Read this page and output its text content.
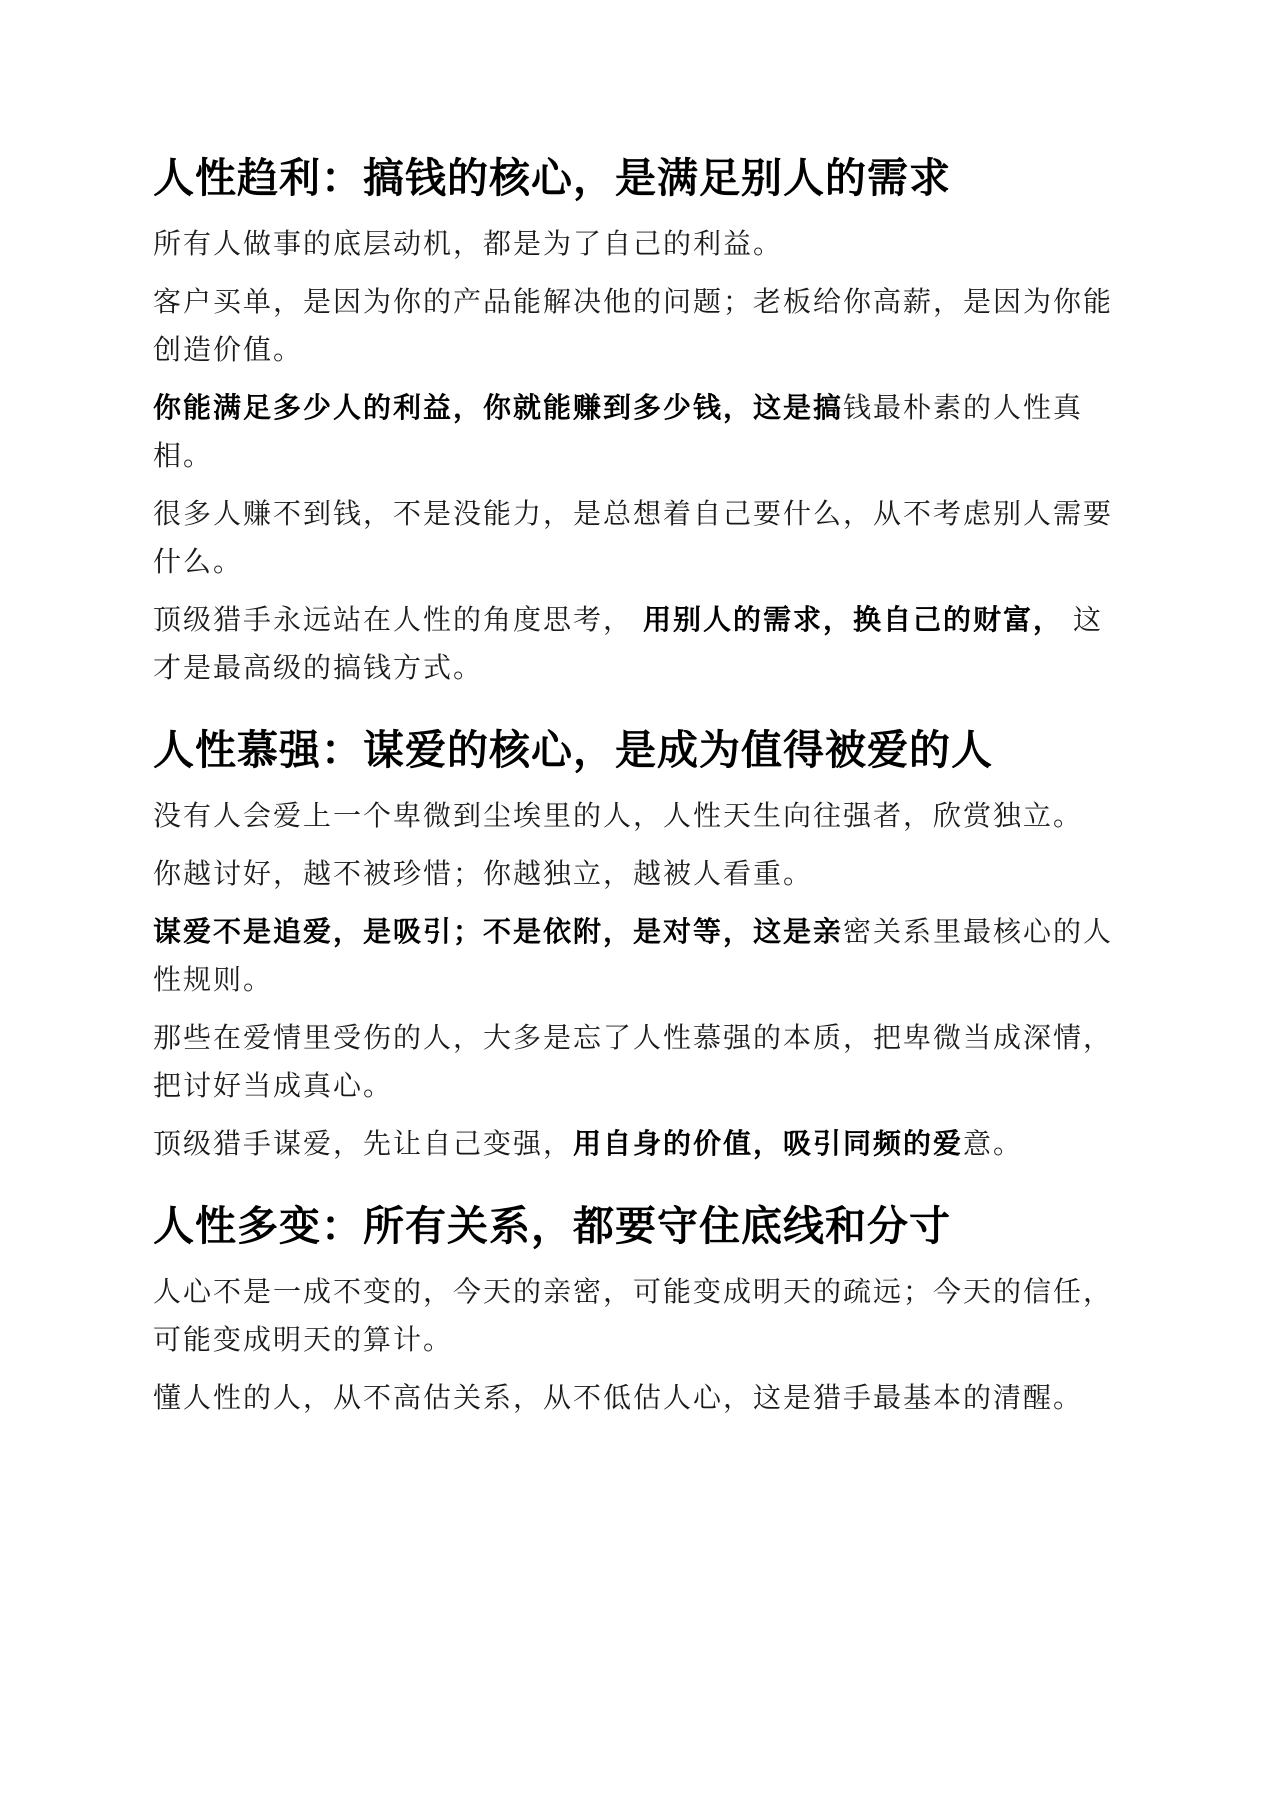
人性趋利：搞钱的核心，是满足别人的需求

所有人做事的底层动机，都是为了自己的利益。

客户买单，是因为你的产品能解决他的问题；老板给你高薪，是因为你能创造价值。

你能满足多少人的利益，你就能赚到多少钱，这是搞钱最朴素的人性真相。

很多人赚不到钱，不是没能力，是总想着自己要什么，从不考虑别人需要什么。

顶级猎手永远站在人性的角度思考， 用别人的需求，换自己的财富， 这才是最高级的搞钱方式。

人性慕强：谋爱的核心，是成为值得被爱的人

没有人会爱上一个卑微到尘埃里的人，人性天生向往强者，欣赏独立。

你越讨好，越不被珍惜；你越独立，越被人看重。

谋爱不是追爱，是吸引；不是依附，是对等，这是亲密关系里最核心的人性规则。

那些在爱情里受伤的人，大多是忘了人性慕强的本质，把卑微当成深情，把讨好当成真心。

顶级猎手谋爱，先让自己变强，用自身的价值，吸引同频的爱意。

人性多变：所有关系，都要守住底线和分寸

人心不是一成不变的，今天的亲密，可能变成明天的疏远；今天的信任，可能变成明天的算计。

懂人性的人，从不高估关系，从不低估人心，这是猎手最基本的清醒。
